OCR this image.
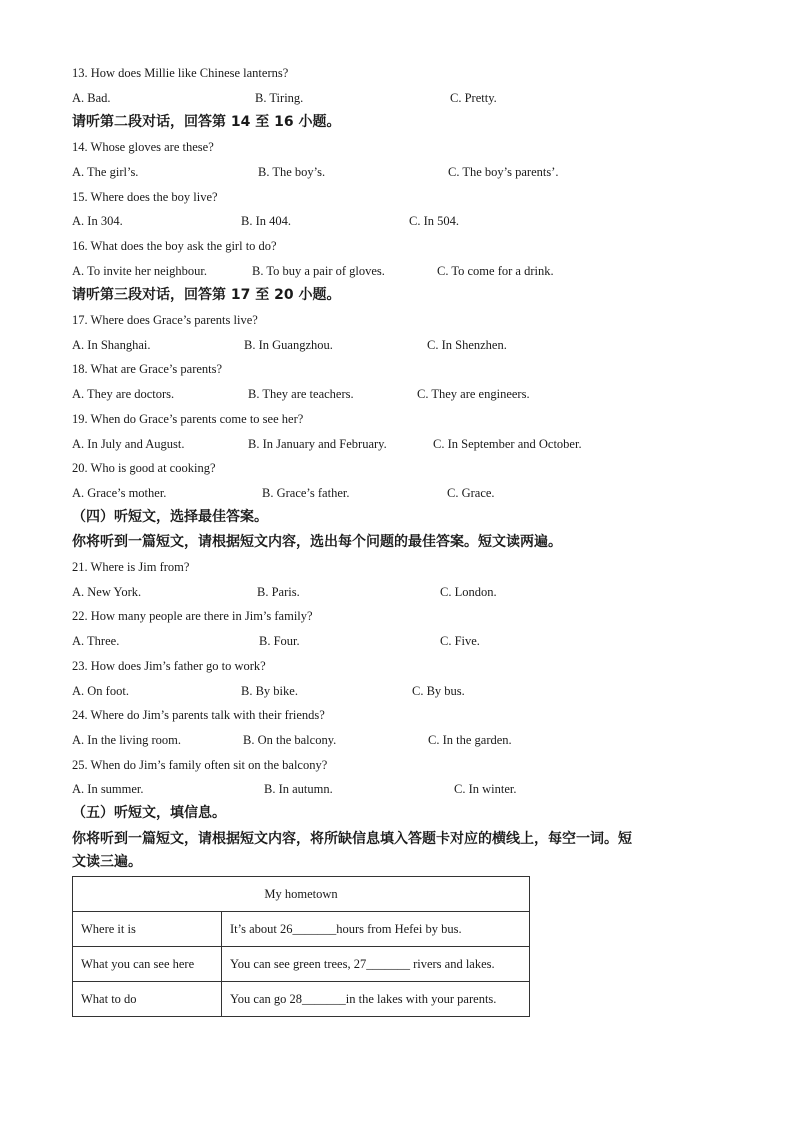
13. How does Millie like Chinese lanterns?
A. Bad.	B. Tiring.	C. Pretty.
请听第二段对话，回答第 14 至 16 小题。
14. Whose gloves are these?
A. The girl’s.	B. The boy’s.	C. The boy’s parents’.
15. Where does the boy live?
A. In 304.	B. In 404.	C. In 504.
16. What does the boy ask the girl to do?
A. To invite her neighbour.	B. To buy a pair of gloves.	C. To come for a drink.
请听第三段对话，回答第 17 至 20 小题。
17. Where does Grace’s parents live?
A. In Shanghai.	B. In Guangzhou.	C. In Shenzhen.
18. What are Grace’s parents?
A. They are doctors.	B. They are teachers.	C. They are engineers.
19. When do Grace’s parents come to see her?
A. In July and August.	B. In January and February.	C. In September and October.
20. Who is good at cooking?
A. Grace’s mother.	B. Grace’s father.	C. Grace.
（四）听短文，选择最佳答案。
你将听到一篇短文，请根据短文内容，选出每个问题的最佳答案。短文读两遍。
21. Where is Jim from?
A. New York.	B. Paris.	C. London.
22. How many people are there in Jim’s family?
A. Three.	B. Four.	C. Five.
23. How does Jim’s father go to work?
A. On foot.	B. By bike.	C. By bus.
24. Where do Jim’s parents talk with their friends?
A. In the living room.	B. On the balcony.	C. In the garden.
25. When do Jim’s family often sit on the balcony?
A. In summer.	B. In autumn.	C. In winter.
（五）听短文，填信息。
你将听到一篇短文，请根据短文内容，将所缺信息填入答题卡对应的横线上，每空一词。短
文读三遍。
My hometown	
Where it is	It’s about 26_______hours from Hefei by bus.
What you can see here	You can see green trees, 27_______ rivers and lakes.
What to do	You can go 28_______in the lakes with your parents.
